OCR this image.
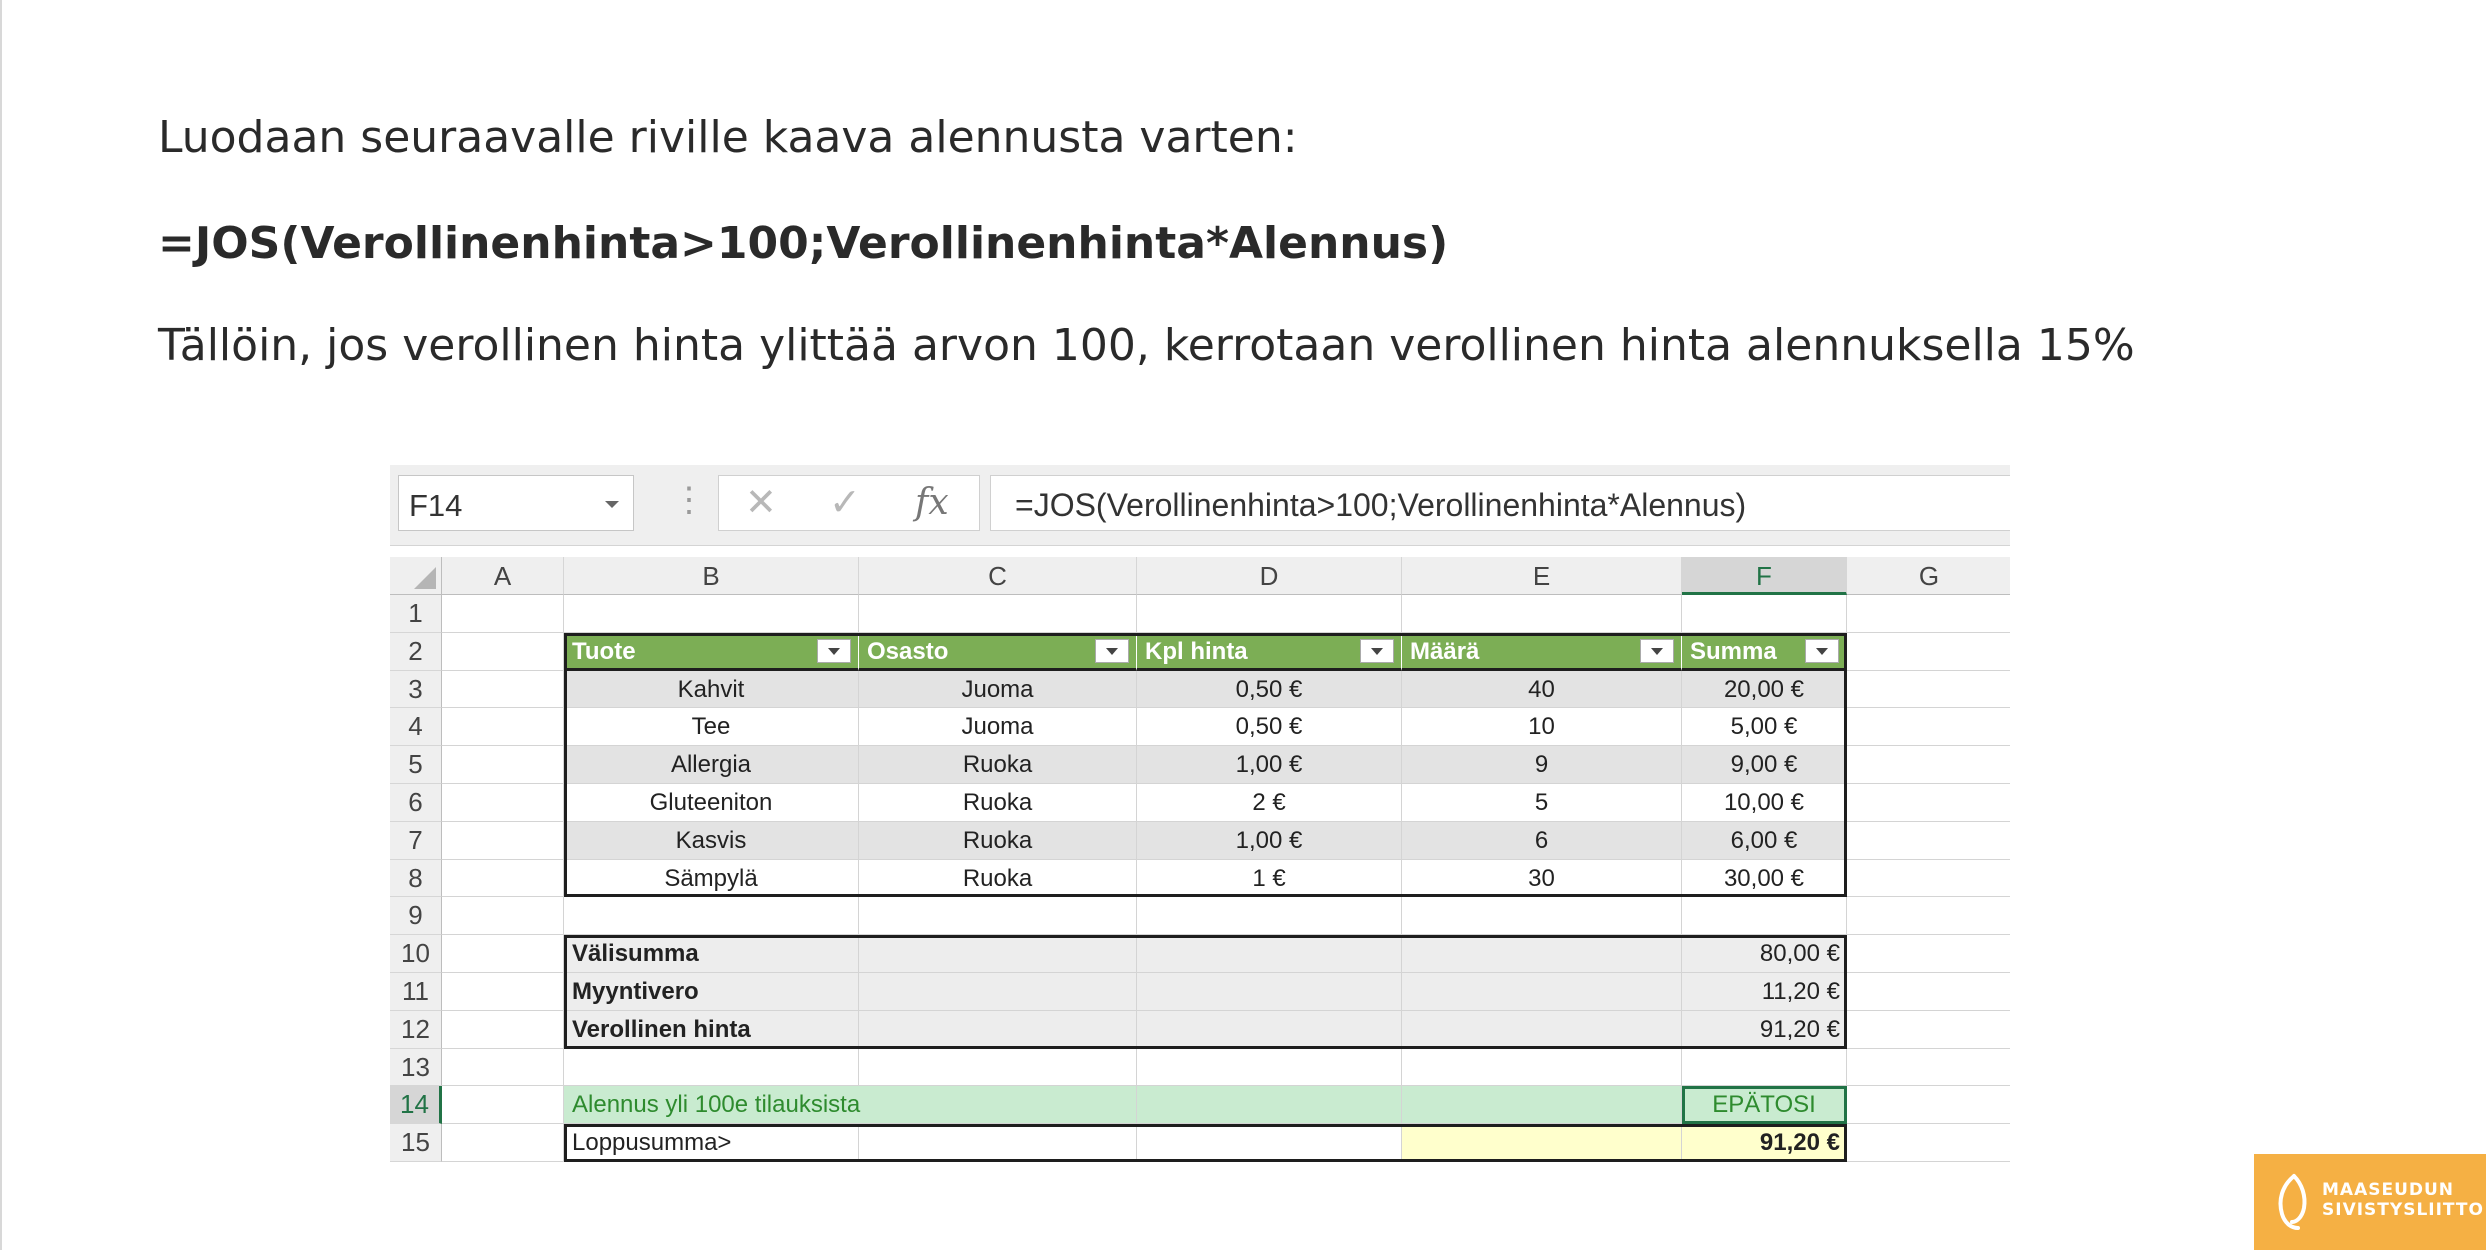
Luodaan seuraavalle riville kaava alennusta varten:
=JOS(Verollinenhinta>100;Verollinenhinta*Alennus)
Tällöin, jos verollinen hinta ylittää arvon 100, kerrotaan verollinen hinta alennuksella 15%
F14	⋮ ✕ ✓ fx	=JOS(Verollinenhinta>100;Verollinenhinta*Alennus)
A	B	C	D	E	F	G
1
2
3
4
5
6
7
8
9
10
11
12
13
14
15
Tuote	Osasto	Kpl hinta	Määrä	Summa
Kahvit	Juoma	0,50 €	40	20,00 €
Tee	Juoma	0,50 €	10	5,00 €
Allergia	Ruoka	1,00 €	9	9,00 €
Gluteeniton	Ruoka	2 €	5	10,00 €
Kasvis	Ruoka	1,00 €	6	6,00 €
Sämpylä	Ruoka	1 €	30	30,00 €
Välisumma	80,00 €
Myyntivero	11,20 €
Verollinen hinta	91,20 €
Alennus yli 100e tilauksista	EPÄTOSI
Loppusumma>	91,20 €
MAASEUDUN
SIVISTYSLIITTO
